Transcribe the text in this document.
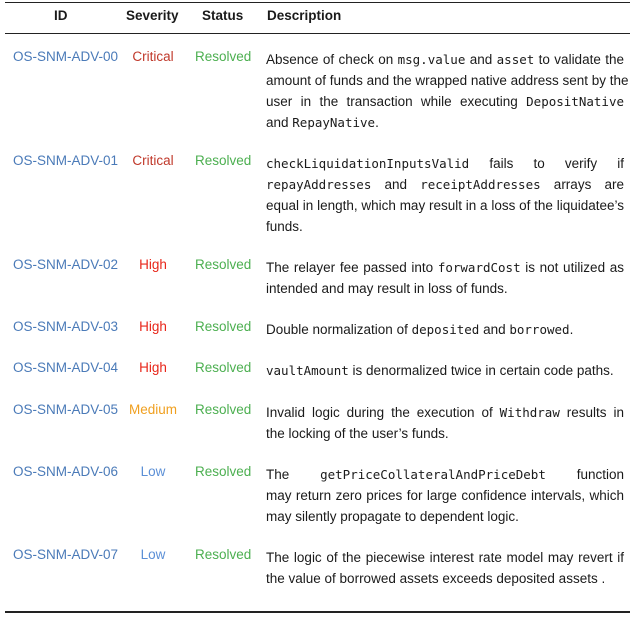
ID	Severity Status Description
OS-SNM-ADV-00	Critical	Resolved Absence of check on msg.value and asset to validate the
amount of funds and the wrapped native address sent by the
user in the transaction while executing DepositNative
and RepayNative.
OS-SNM-ADV-01	Critical	Resolved checkLiquidationInputsValid fails to verify if
repayAddresses and receiptAddresses arrays are
equal in length, which may result in a loss of the liquidatee’s
funds.
OS-SNM-ADV-02	High	Resolved The relayer fee passed into forwardCost is not utilized as
intended and may result in loss of funds.
OS-SNM-ADV-03	High	Resolved Double normalization of deposited and borrowed.
OS-SNM-ADV-04	High	Resolved vaultAmount is denormalized twice in certain code paths.
OS-SNM-ADV-05 Medium	Resolved Invalid logic during the execution of Withdraw results in
the locking of the user’s funds.
OS-SNM-ADV-06	Low	Resolved The getPriceCollateralAndPriceDebt function
may return zero prices for large confidence intervals, which
may silently propagate to dependent logic.
OS-SNM-ADV-07	Low	Resolved The logic of the piecewise interest rate model may revert if
the value of borrowed assets exceeds deposited assets .
